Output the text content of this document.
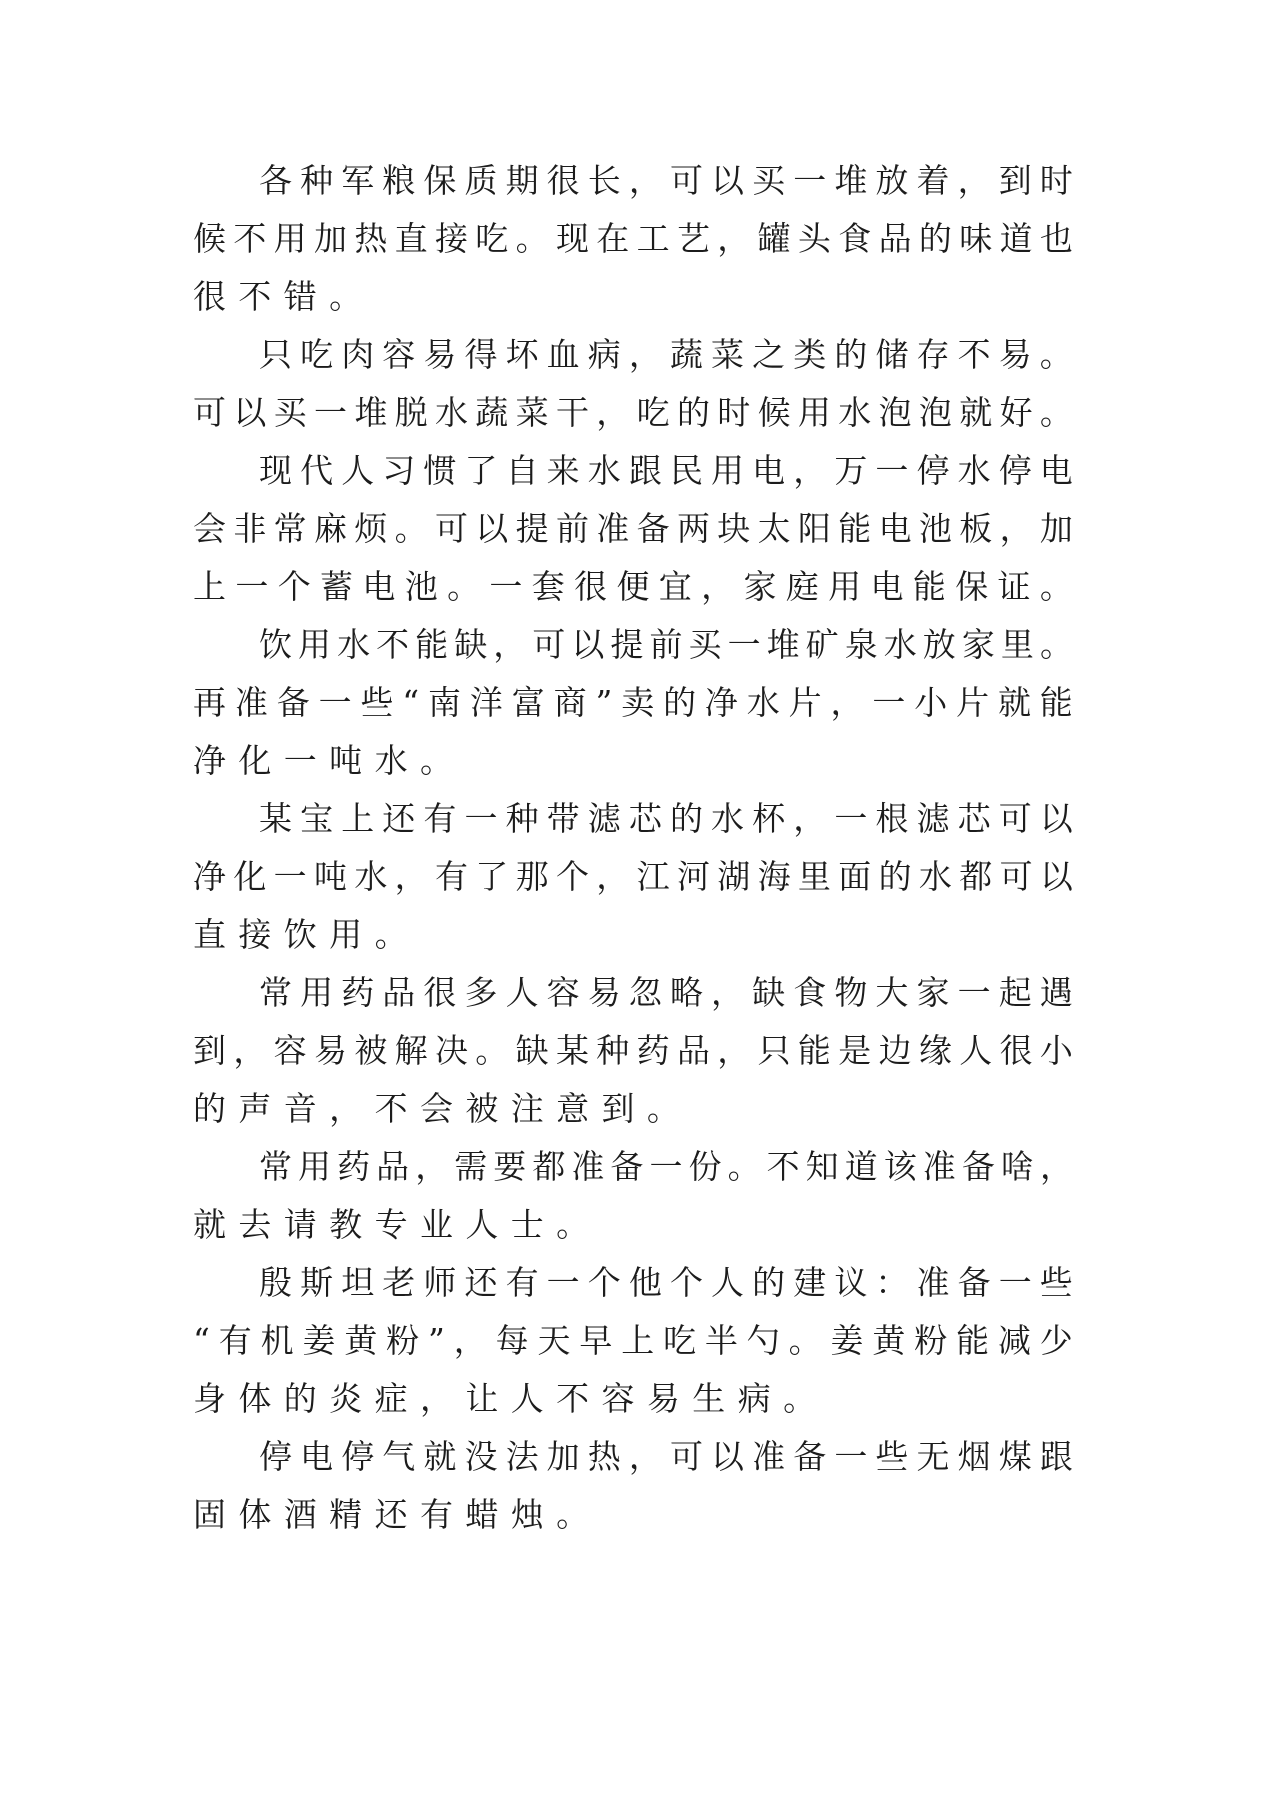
各 种 军 粮 保 质 期 很 长 ， 可 以 买 一 堆 放 着 ， 到 时
候 不 用 加 热 直 接 吃 。 现 在 工 艺 ， 罐 头 食 品 的 味 道 也
很 不 错 。
只 吃 肉 容 易 得 坏 血 病 ， 蔬 菜 之 类 的 储 存 不 易 。
可 以 买 一 堆 脱 水 蔬 菜 干 ， 吃 的 时 候 用 水 泡 泡 就 好 。
现 代 人 习 惯 了 自 来 水 跟 民 用 电 ， 万 一 停 水 停 电
会 非 常 麻 烦 。 可 以 提 前 准 备 两 块 太 阳 能 电 池 板 ， 加
上 一 个 蓄 电 池 。 一 套 很 便 宜 ， 家 庭 用 电 能 保 证 。
饮 用 水 不 能 缺 ， 可 以 提 前 买 一 堆 矿 泉 水 放 家 里 。
再 准 备 一 些 “ 南 洋 富 商 ” 卖 的 净 水 片 ， 一 小 片 就 能
净 化 一 吨 水 。
某 宝 上 还 有 一 种 带 滤 芯 的 水 杯 ， 一 根 滤 芯 可 以
净 化 一 吨 水 ， 有 了 那 个 ， 江 河 湖 海 里 面 的 水 都 可 以
直 接 饮 用 。
常 用 药 品 很 多 人 容 易 忽 略 ， 缺 食 物 大 家 一 起 遇
到 ， 容 易 被 解 决 。 缺 某 种 药 品 ， 只 能 是 边 缘 人 很 小
的 声 音 ， 不 会 被 注 意 到 。
常 用 药 品 ， 需 要 都 准 备 一 份 。 不 知 道 该 准 备 啥 ，
就 去 请 教 专 业 人 士 。
殷 斯 坦 老 师 还 有 一 个 他 个 人 的 建 议 ： 准 备 一 些
“ 有 机 姜 黄 粉 ” ， 每 天 早 上 吃 半 勺 。 姜 黄 粉 能 减 少
身 体 的 炎 症 ， 让 人 不 容 易 生 病 。
停 电 停 气 就 没 法 加 热 ， 可 以 准 备 一 些 无 烟 煤 跟
固 体 酒 精 还 有 蜡 烛 。
